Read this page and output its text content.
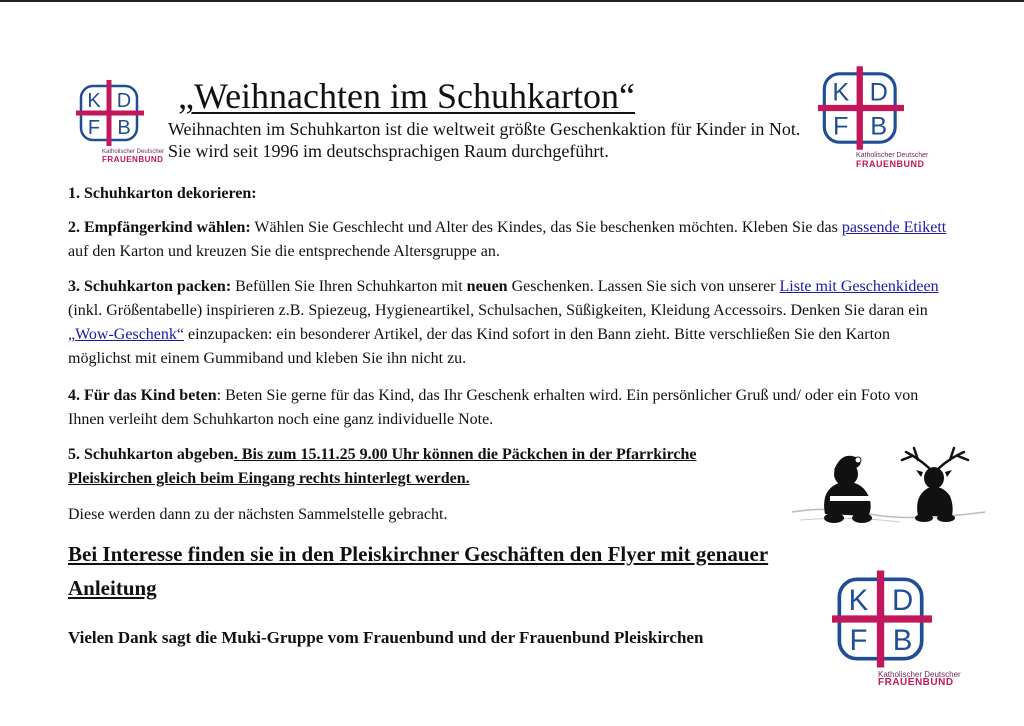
K D
F B
Katholischer Deutscher
FRAUENBUND
K D
F B
Katholischer Deutscher
FRAUENBUND
K D
F B
Katholischer Deutscher
FRAUENBUND
„Weihnachten im Schuhkarton“
Weihnachten im Schuhkarton ist die weltweit größte Geschenkaktion für Kinder in Not. Sie wird seit 1996 im deutschsprachigen Raum durchgeführt.
1. Schuhkarton dekorieren:
2. Empfängerkind wählen: Wählen Sie Geschlecht und Alter des Kindes, das Sie beschenken möchten. Kleben Sie das passende Etikett auf den Karton und kreuzen Sie die entsprechende Altersgruppe an.
3. Schuhkarton packen: Befüllen Sie Ihren Schuhkarton mit neuen Geschenken. Lassen Sie sich von unserer Liste mit Geschenkideen (inkl. Größentabelle) inspirieren z.B. Spiezeug, Hygieneartikel, Schulsachen, Süßigkeiten, Kleidung Accessoirs. Denken Sie daran ein „Wow-Geschenk“ einzupacken: ein besonderer Artikel, der das Kind sofort in den Bann zieht. Bitte verschließen Sie den Karton möglichst mit einem Gummiband und kleben Sie ihn nicht zu.
4. Für das Kind beten: Beten Sie gerne für das Kind, das Ihr Geschenk erhalten wird. Ein persönlicher Gruß und/ oder ein Foto von Ihnen verleiht dem Schuhkarton noch eine ganz individuelle Note.
5. Schuhkarton abgeben. Bis zum 15.11.25 9.00 Uhr können die Päckchen in der Pfarrkirche Pleiskirchen gleich beim Eingang rechts hinterlegt werden.
Diese werden dann zu der nächsten Sammelstelle gebracht.
Bei Interesse finden sie in den Pleiskirchner Geschäften den Flyer mit genauer Anleitung
Vielen Dank sagt die Muki-Gruppe vom Frauenbund und der Frauenbund Pleiskirchen
